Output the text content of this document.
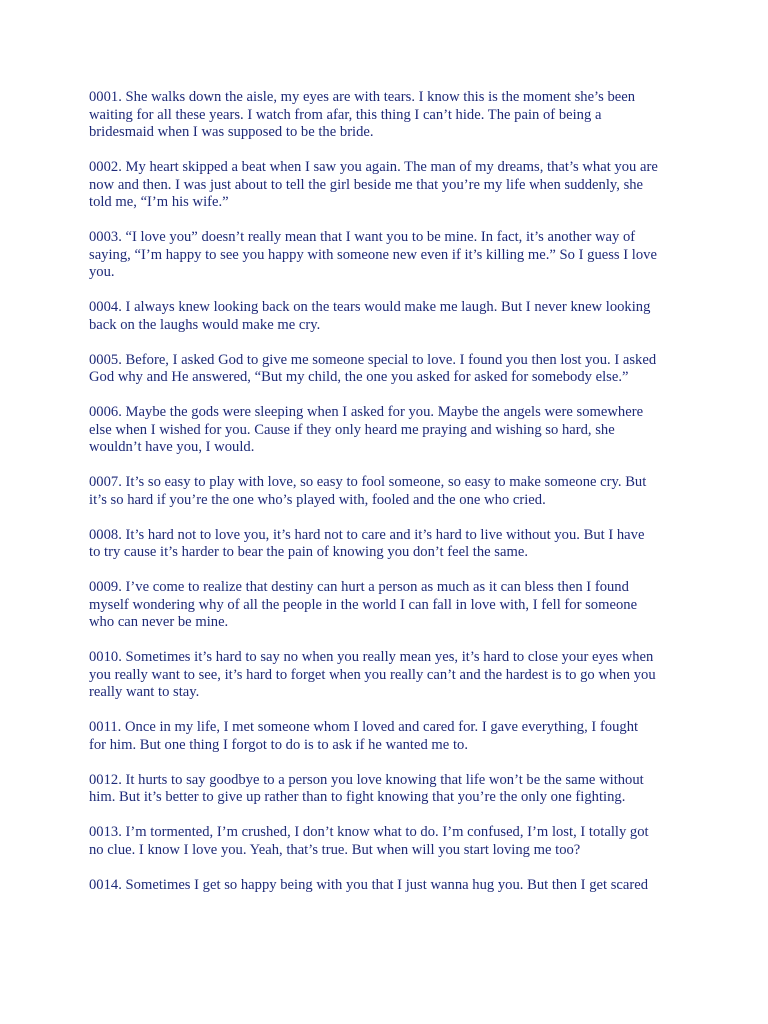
0001. She walks down the aisle, my eyes are with tears. I know this is the moment she’s been
waiting for all these years. I watch from afar, this thing I can’t hide. The pain of being a
bridesmaid when I was supposed to be the bride.

0002. My heart skipped a beat when I saw you again. The man of my dreams, that’s what you are
now and then. I was just about to tell the girl beside me that you’re my life when suddenly, she
told me, “I’m his wife.”

0003. “I love you” doesn’t really mean that I want you to be mine. In fact, it’s another way of
saying, “I’m happy to see you happy with someone new even if it’s killing me.” So I guess I love
you.

0004. I always knew looking back on the tears would make me laugh. But I never knew looking
back on the laughs would make me cry.

0005. Before, I asked God to give me someone special to love. I found you then lost you. I asked
God why and He answered, “But my child, the one you asked for asked for somebody else.”

0006. Maybe the gods were sleeping when I asked for you. Maybe the angels were somewhere
else when I wished for you. Cause if they only heard me praying and wishing so hard, she
wouldn’t have you, I would.

0007. It’s so easy to play with love, so easy to fool someone, so easy to make someone cry. But
it’s so hard if you’re the one who’s played with, fooled and the one who cried.

0008. It’s hard not to love you, it’s hard not to care and it’s hard to live without you. But I have
to try cause it’s harder to bear the pain of knowing you don’t feel the same.

0009. I’ve come to realize that destiny can hurt a person as much as it can bless then I found
myself wondering why of all the people in the world I can fall in love with, I fell for someone
who can never be mine.

0010. Sometimes it’s hard to say no when you really mean yes, it’s hard to close your eyes when
you really want to see, it’s hard to forget when you really can’t and the hardest is to go when you
really want to stay.

0011. Once in my life, I met someone whom I loved and cared for. I gave everything, I fought
for him. But one thing I forgot to do is to ask if he wanted me to.

0012. It hurts to say goodbye to a person you love knowing that life won’t be the same without
him. But it’s better to give up rather than to fight knowing that you’re the only one fighting.

0013. I’m tormented, I’m crushed, I don’t know what to do. I’m confused, I’m lost, I totally got
no clue. I know I love you. Yeah, that’s true. But when will you start loving me too?

0014. Sometimes I get so happy being with you that I just wanna hug you. But then I get scared
